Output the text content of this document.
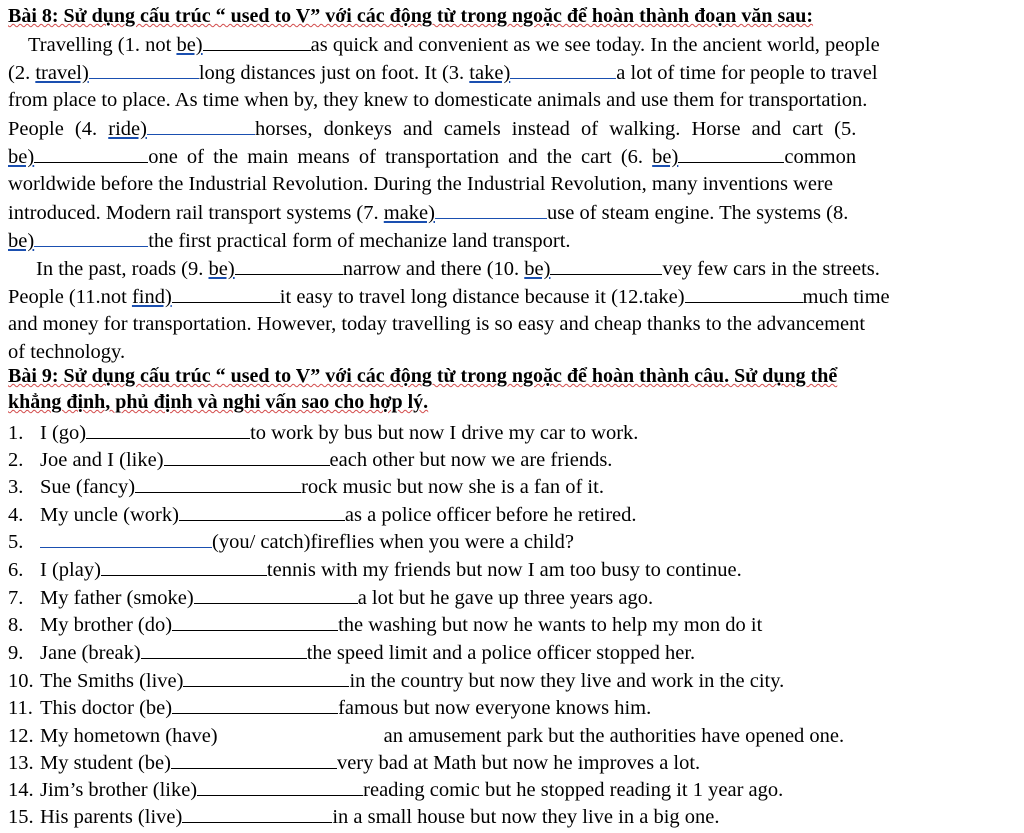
Bài 8: Sử dụng cấu trúc “ used to V” với các động từ trong ngoặc để hoàn thành đoạn văn sau:
Travelling (1. not be)	as quick and convenient as we see today. In the ancient world, people
(2. travel)	long distances just on foot. It (3. take)	a lot of time for people to travel
from place to place. As time when by, they knew to domesticate animals and use them for transportation.
People (4. ride)	horses, donkeys and camels instead of walking. Horse and cart (5.
be)	one of the main means of transportation and the cart (6. be)	common
worldwide before the Industrial Revolution. During the Industrial Revolution, many inventions were
introduced. Modern rail transport systems (7. make)	use of steam engine. The systems (8.
be)	the first practical form of mechanize land transport.
In the past, roads (9. be)	narrow and there (10. be)	vey few cars in the streets.
People (11.not find)	it easy to travel long distance because it (12.take)	much time
and money for transportation. However, today travelling is so easy and cheap thanks to the advancement
of technology.
Bài 9: Sử dụng cấu trúc “ used to V” với các động từ trong ngoặc để hoàn thành câu. Sử dụng thể
khẳng định, phủ định và nghi vấn sao cho hợp lý.
1. I (go)	to work by bus but now I drive my car to work.
2. Joe and I (like)	each other but now we are friends.
3. Sue (fancy)	rock music but now she is a fan of it.
4. My uncle (work)	as a police officer before he retired.
5.	(you/ catch)fireflies when you were a child?
6. I (play)	tennis with my friends but now I am too busy to continue.
7. My father (smoke)	a lot but he gave up three years ago.
8. My brother (do)	the washing but now he wants to help my mon do it
9. Jane (break)	the speed limit and a police officer stopped her.
10. The Smiths (live)	in the country but now they live and work in the city.
11. This doctor (be)	famous but now everyone knows him.
12. My hometown (have)	an amusement park but the authorities have opened one.
13. My student (be)	very bad at Math but now he improves a lot.
14. Jim’s brother (like)	reading comic but he stopped reading it 1 year ago.
15. His parents (live)	in a small house but now they live in a big one.
